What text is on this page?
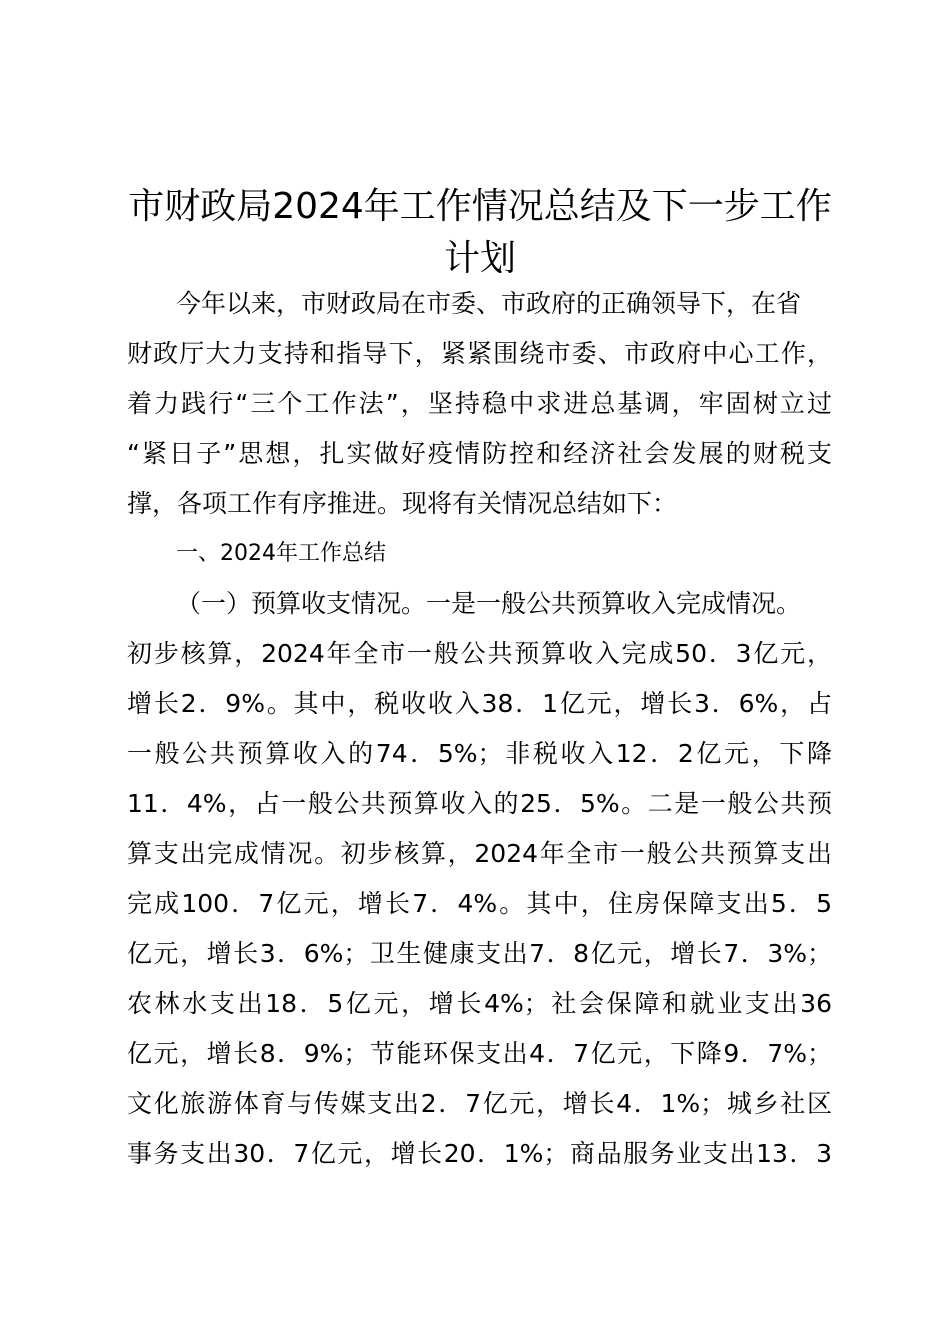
市财政局2024年工作情况总结及下一步工作
计划

今年以来，市财政局在市委、市政府的正确领导下，在省

财政厅大力支持和指导下，紧紧围绕市委、市政府中心工作，

着力践行“三个工作法”，坚持稳中求进总基调，牢固树立过

“紧日子”思想，扎实做好疫情防控和经济社会发展的财税支

撑，各项工作有序推进。现将有关情况总结如下：

一、2024年工作总结

（一）预算收支情况。一是一般公共预算收入完成情况。

初步核算，2024年全市一般公共预算收入完成50．3亿元，

增长2．9%。其中，税收收入38．1亿元，增长3．6%，占

一般公共预算收入的74．5%；非税收入12．2亿元，下降

11．4%，占一般公共预算收入的25．5%。二是一般公共预

算支出完成情况。初步核算，2024年全市一般公共预算支出

完成100．7亿元，增长7．4%。其中，住房保障支出5．5

亿元，增长3．6%；卫生健康支出7．8亿元，增长7．3%；

农林水支出18．5亿元，增长4%；社会保障和就业支出36

亿元，增长8．9%；节能环保支出4．7亿元，下降9．7%；

文化旅游体育与传媒支出2．7亿元，增长4．1%；城乡社区

事务支出30．7亿元，增长20．1%；商品服务业支出13．3
